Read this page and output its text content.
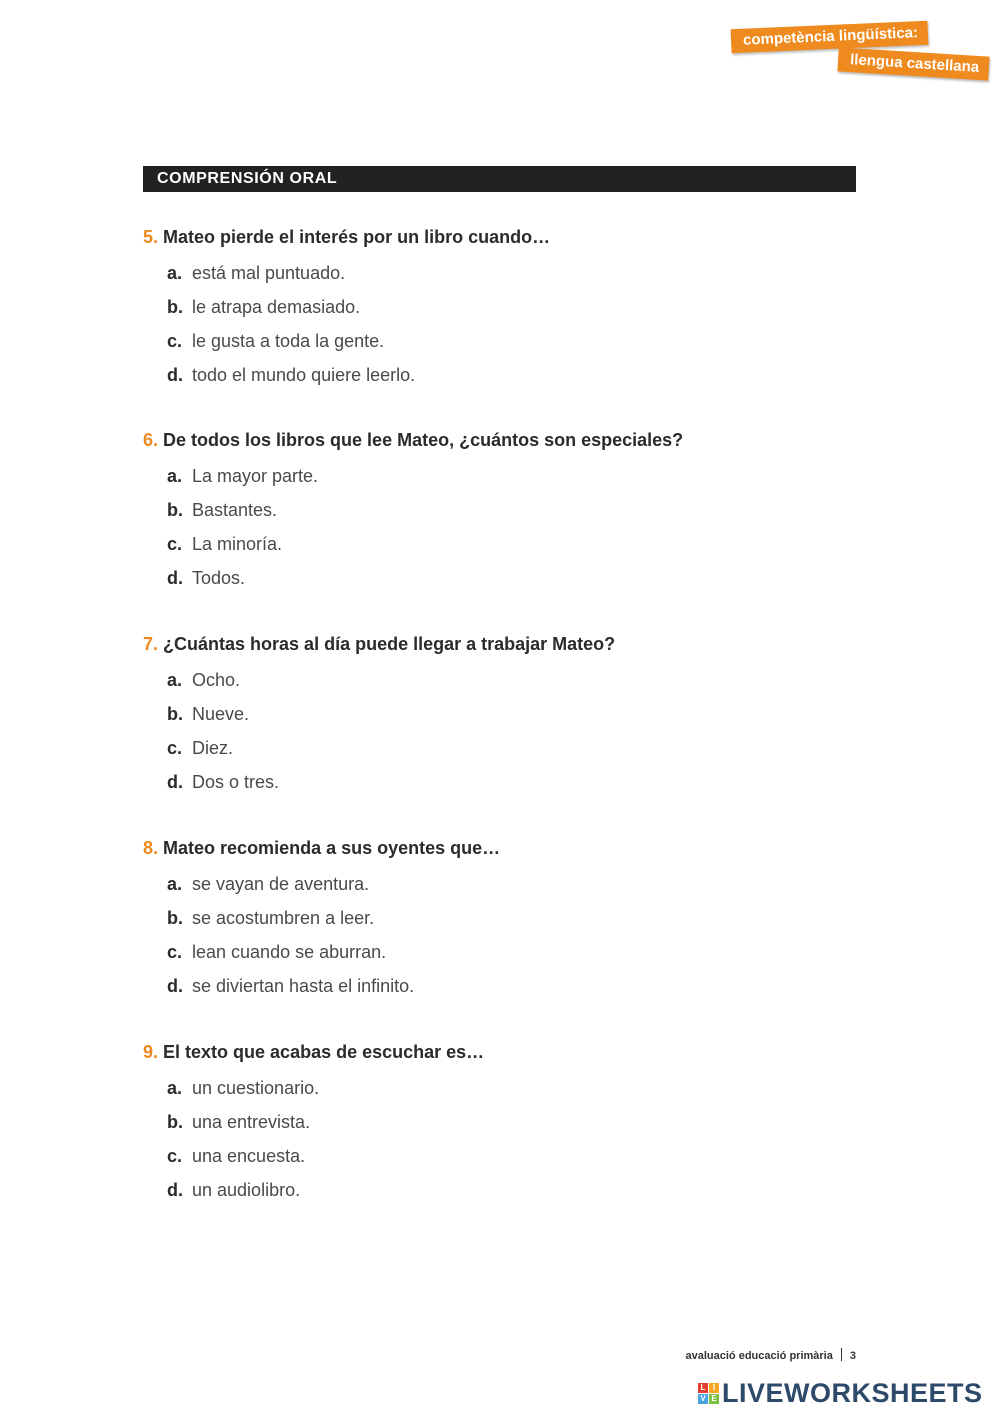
competència lingüística:
llengua castellana
COMPRENSIÓN ORAL
5. Mateo pierde el interés por un libro cuando…
a. está mal puntuado.
b. le atrapa demasiado.
c. le gusta a toda la gente.
d. todo el mundo quiere leerlo.
6. De todos los libros que lee Mateo, ¿cuántos son especiales?
a. La mayor parte.
b. Bastantes.
c. La minoría.
d. Todos.
7. ¿Cuántas horas al día puede llegar a trabajar Mateo?
a. Ocho.
b. Nueve.
c. Diez.
d. Dos o tres.
8. Mateo recomienda a sus oyentes que…
a. se vayan de aventura.
b. se acostumbren a leer.
c. lean cuando se aburran.
d. se diviertan hasta el infinito.
9. El texto que acabas de escuchar es…
a. un cuestionario.
b. una entrevista.
c. una encuesta.
d. un audiolibro.
avaluació educació primària 3
L I
V E LIVEWORKSHEETS
